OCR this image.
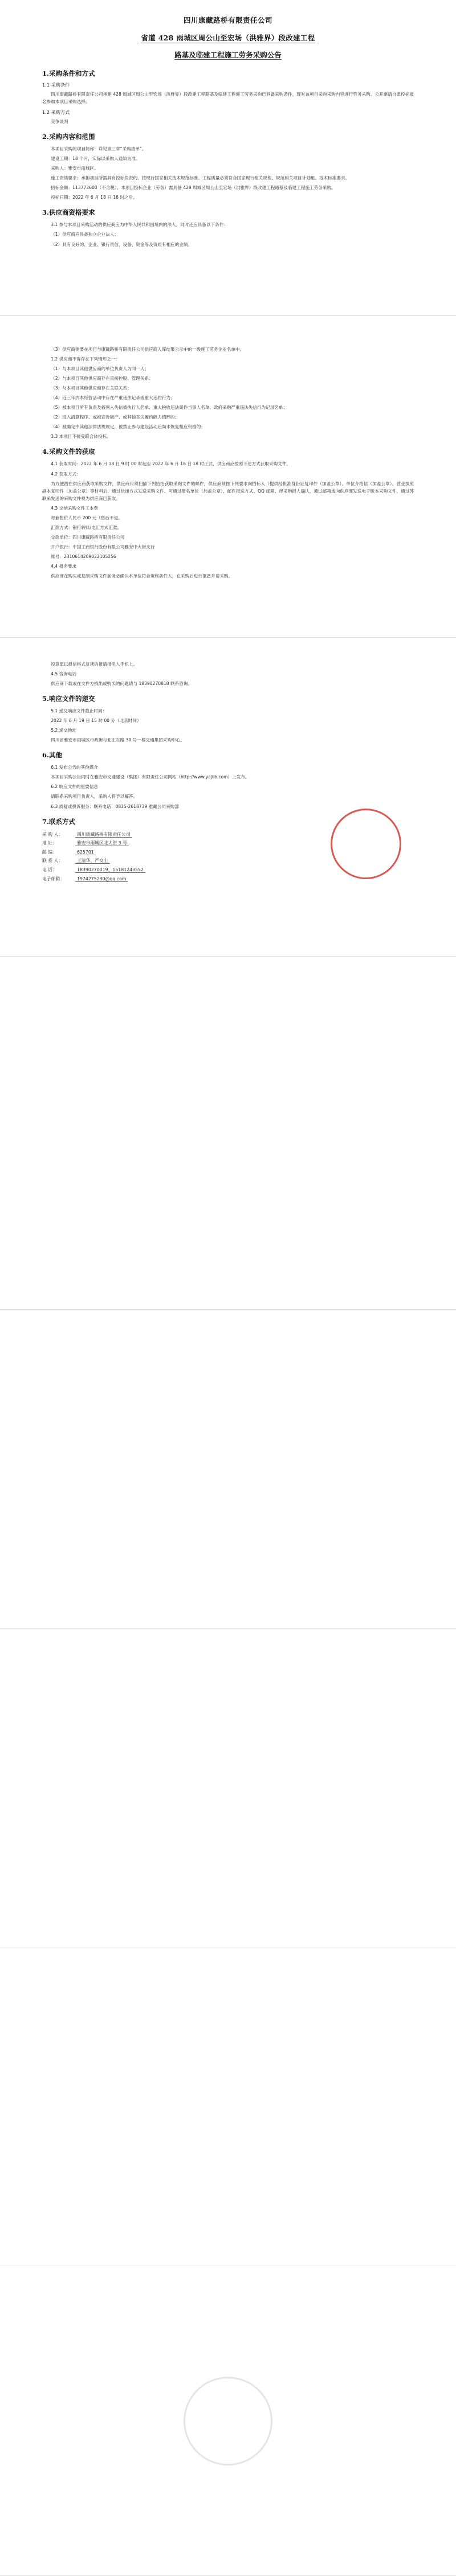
四川康藏路桥有限责任公司
省道 428 雨城区周公山至宏场（洪雅界）段改建工程
路基及临建工程施工劳务采购公告
1.采购条件和方式
1.1 采购条件

四川康藏路桥有限责任公司承建 428 周城区周公山至宏场（洪雅界）段改建工程路基及临建工程施工劳务采购已具备采购条件，现对该项目采购采购内容进行劳务采购。公开邀请自愿投标报名参加本项目采购选择。

1.2 采购方式

竞争谈判

2.采购内容和范围

本项目采购的项目简称：详见第三章“采购清单”。

建设工期：18 个月，实际以采购人通知为准。

采购人：雅安市雨城区。

施工资质要求：承担项目所需具有投标负责的、按现行国家相关技术规范标准、工程质量必须符合国家现行相关规程、规范相关项目计划组、技术标准要求。

招标金额：113772600（不含税）。本项目投标企业（劳务）需具备 428 周城区周公山至宏场（洪雅界）段改建工程路基及临建工程施工劳务采购。

投标日期：2022 年 6 月 18 日 18 时之后。

3.供应商资格要求

3.1 参与本项目采购活动的供应商应为中华人民共和国境内的法人，同时还应具备以下条件：

（1）供应商应具备独立企业法人；

（2）具有良好的、企业、银行资信、设备、资金等及资质有相应的业绩。

（3）供应商需要在项目与康藏路桥有限责任公司供应商入库结果公示中的一级施工劳务企业名单中。

1.2 供应商不得存在下列情形之一：

（1）与本项目其他供应商的单位负责人为同一人；

（2）与本项目其他供应商存在直接控股、管理关系；

（3）与本项目其他供应商存在关联关系；

（4）近三年内本经营活动中存在严重违法记录或重大违约行为；

（5）被本项目所有负责及被列入失信被执行人名单、重大税收违法案件当事人名单、政府采购严重违法失信行为记录名单；

（2）进入清算程序、或被宣告破产、或其他丧失履约能力情形的；

（4）被确定中其他法律法规规定，被禁止参与建设活动后尚未恢复相应资格的；

3.3 本项目不接受联合体投标。

4.采购文件的获取

4.1 获取时间：2022 年 6 月 13 日 9 时 00 时起至 2022 年 6 月 18 日 18 时正式，供应商应按照下述方式获取采购文件。

4.2 获取方式：

为方便潜在供应商获取采购文件，供应商只须扫描下列抬抬获取采购文件的邮件，供应商须按下列要求向招标人（提供经批准身份证复印件（加盖公章）、单位介绍信（加盖公章）、营业执照副本复印件（加盖公章）等材料后，通过快递方式发送采购文件、可通过报名单位（加盖公章）、邮件报送方式、QQ 邮箱、经采购报人确认，通过邮箱或向供应商发送电子版本采购文件，通过苏联采发送的采购文件视为供应商已获取。

4.3 交纳采购文件工本费

每套售价人民币 200 元（售后不退。

汇款方式：银行转账/电汇方式汇款。

交款单位：四川康藏路桥有限责任公司

开户银行：中国工商银行股份有限公司雅安中大街支行

账号：2310614209022105256

4.4 报名要求

供应商在购买或复制采购文件前务必确认本单位符合资格条件人，在采购后进行报备并请采购。

投意愿以报信格式复读的报请报名人手机上。

4.5 咨询电话

供应商下载或在文件方找出或购买的问题请与 18390270818 联系咨询。

5.响应文件的递交

5.1 递交响应文件截止时间：

2022 年 6 月 19 日 15 时 00 分（北京时间）

5.2 递交地址

四川省雅安市雨城区市政街与北庄东路 30 号一楼交通集团采购中心。

6.其他

6.1 发布公告的其他媒介

本项目采购公告同时在雅安市交通建设（集团）有限责任公司网站（http://www.yajlib.com）上发布。

6.2 响应文件的重要信息

请联系采购项目负责人，采购人将予以解答。

6.3 质疑或投诉服务：联系电话：0835-2618739 雅藏公司采购部

7.联系方式

采 购 人：	四川康藏路桥有限责任公司

地 址：	雅安市雨城区北大街 3 号

邮 编：	625701

联 系 人：	王清华、严女士

电 话：	18390270019、15181243552

电子邮箱：	1974275230@qq.com
